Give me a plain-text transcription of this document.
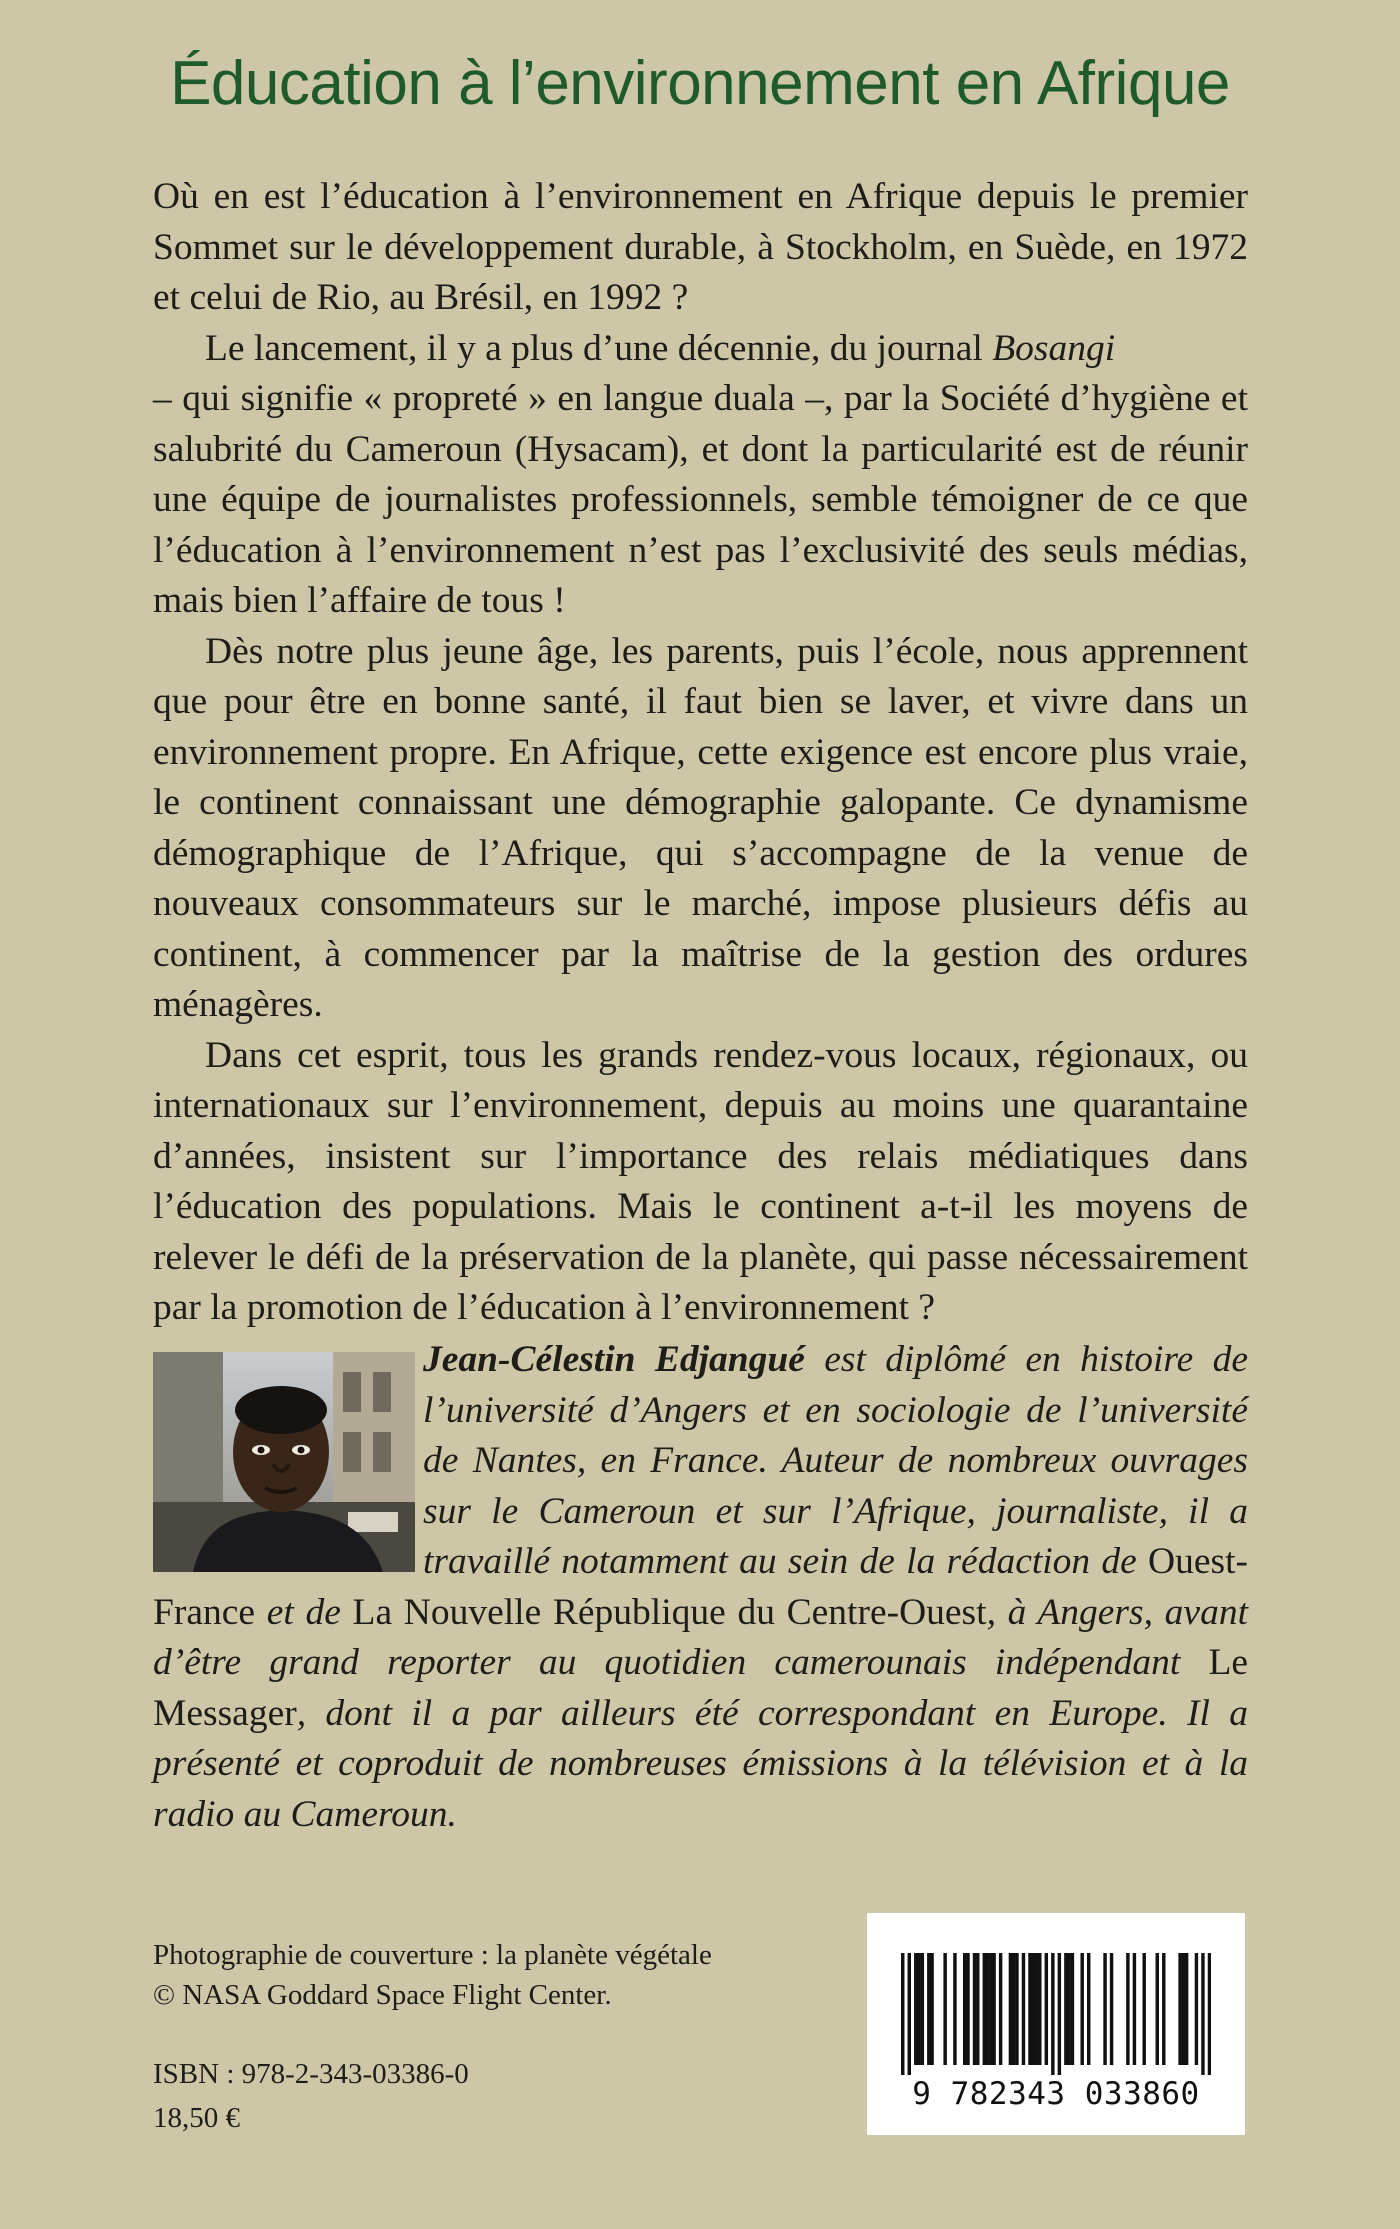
Éducation à l’environnement en Afrique

Où en est l’éducation à l’environnement en Afrique depuis le premier Sommet sur le développement durable, à Stockholm, en Suède, en 1972 et celui de Rio, au Brésil, en 1992 ?

Le lancement, il y a plus d’une décennie, du journal Bosangi
– qui signifie « propreté » en langue duala –, par la Société d’hygiène et salubrité du Cameroun (Hysacam), et dont la particularité est de réunir une équipe de journalistes professionnels, semble témoigner de ce que l’éducation à l’environnement n’est pas l’exclusivité des seuls médias, mais bien l’affaire de tous !

Dès notre plus jeune âge, les parents, puis l’école, nous apprennent que pour être en bonne santé, il faut bien se laver, et vivre dans un environnement propre. En Afrique, cette exigence est encore plus vraie, le continent connaissant une démographie galopante. Ce dynamisme démographique de l’Afrique, qui s’accompagne de la venue de nouveaux consommateurs sur le marché, impose plusieurs défis au continent, à commencer par la maîtrise de la gestion des ordures ménagères.

Dans cet esprit, tous les grands rendez-vous locaux, régionaux, ou internationaux sur l’environnement, depuis au moins une quarantaine d’années, insistent sur l’importance des relais médiatiques dans l’éducation des populations. Mais le continent a-t-il les moyens de relever le défi de la préservation de la planète, qui passe nécessairement par la promotion de l’éducation à l’environnement ?

Jean-Célestin Edjangué est diplômé en histoire de l’université d’Angers et en sociologie de l’université de Nantes, en France. Auteur de nombreux ouvrages sur le Cameroun et sur l’Afrique, journaliste, il a travaillé notamment au sein de la rédaction de Ouest-France et de La Nouvelle République du Centre-Ouest, à Angers, avant d’être grand reporter au quotidien camerounais indépendant Le Messager, dont il a par ailleurs été correspondant en Europe. Il a présenté et coproduit de nombreuses émissions à la télévision et à la radio au Cameroun.

Photographie de couverture : la planète végétale
© NASA Goddard Space Flight Center.
ISBN : 978-2-343-03386-0
18,50 €
9 782343 033860
